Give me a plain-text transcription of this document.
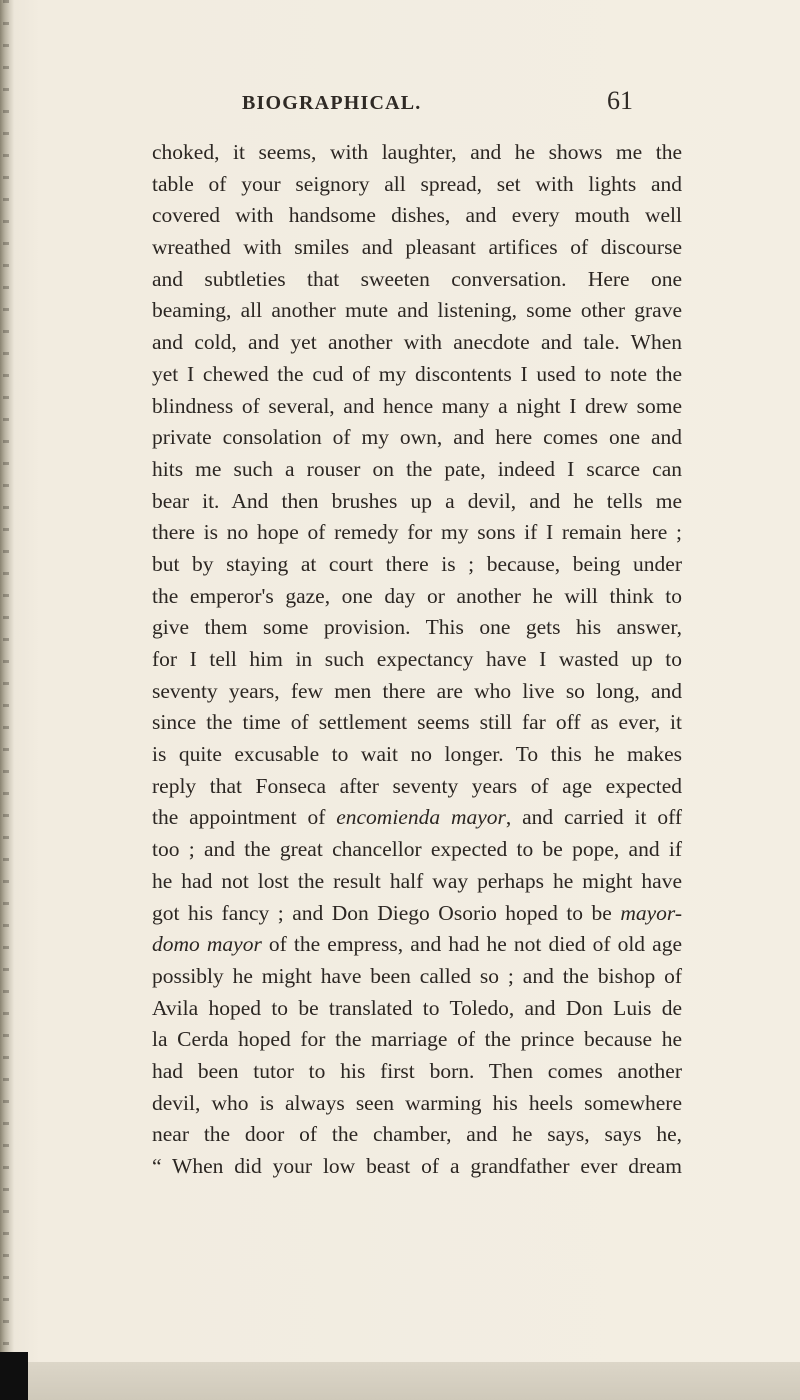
BIOGRAPHICAL.	61
choked, it seems, with laughter, and he shows me the
table of your seignory all spread, set with lights and
covered with handsome dishes, and every mouth well
wreathed with smiles and pleasant artifices of discourse
and subtleties that sweeten conversation. Here one
beaming, all another mute and listening, some other grave
and cold, and yet another with anecdote and tale. When
yet I chewed the cud of my discontents I used to note the
blindness of several, and hence many a night I drew some
private consolation of my own, and here comes one and
hits me such a rouser on the pate, indeed I scarce can
bear it. And then brushes up a devil, and he tells me
there is no hope of remedy for my sons if I remain here ;
but by staying at court there is ; because, being under
the emperor's gaze, one day or another he will think to
give them some provision. This one gets his answer,
for I tell him in such expectancy have I wasted up to
seventy years, few men there are who live so long, and
since the time of settlement seems still far off as ever, it
is quite excusable to wait no longer. To this he makes
reply that Fonseca after seventy years of age expected
the appointment of encomienda mayor, and carried it off
too ; and the great chancellor expected to be pope, and if
he had not lost the result half way perhaps he might have
got his fancy ; and Don Diego Osorio hoped to be mayor-
domo mayor of the empress, and had he not died of old age
possibly he might have been called so ; and the bishop of
Avila hoped to be translated to Toledo, and Don Luis de
la Cerda hoped for the marriage of the prince because he
had been tutor to his first born. Then comes another
devil, who is always seen warming his heels somewhere
near the door of the chamber, and he says, says he,
“ When did your low beast of a grandfather ever dream
